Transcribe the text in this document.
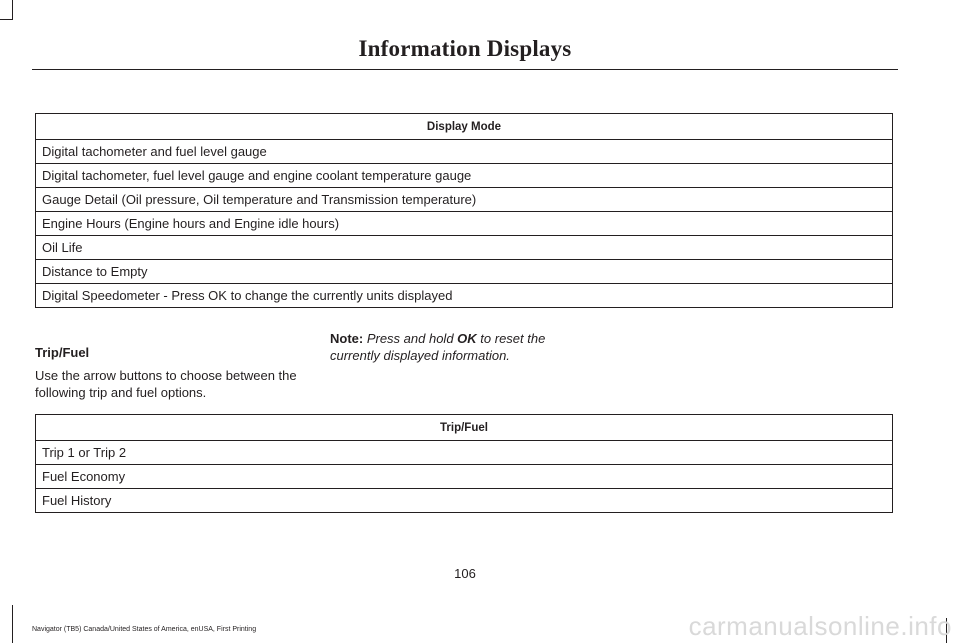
Information Displays
Display Mode
Digital tachometer and fuel level gauge
Digital tachometer, fuel level gauge and engine coolant temperature gauge
Gauge Detail (Oil pressure, Oil temperature and Transmission temperature)
Engine Hours (Engine hours and Engine idle hours)
Oil Life
Distance to Empty
Digital Speedometer - Press OK to change the currently units displayed
Trip/Fuel
Use the arrow buttons to choose between the following trip and fuel options.
Note: Press and hold OK to reset the currently displayed information.
Trip/Fuel
Trip 1 or Trip 2
Fuel Economy
Fuel History
106
Navigator (TB5) Canada/United States of America, enUSA, First Printing	carmanualsonline.info
